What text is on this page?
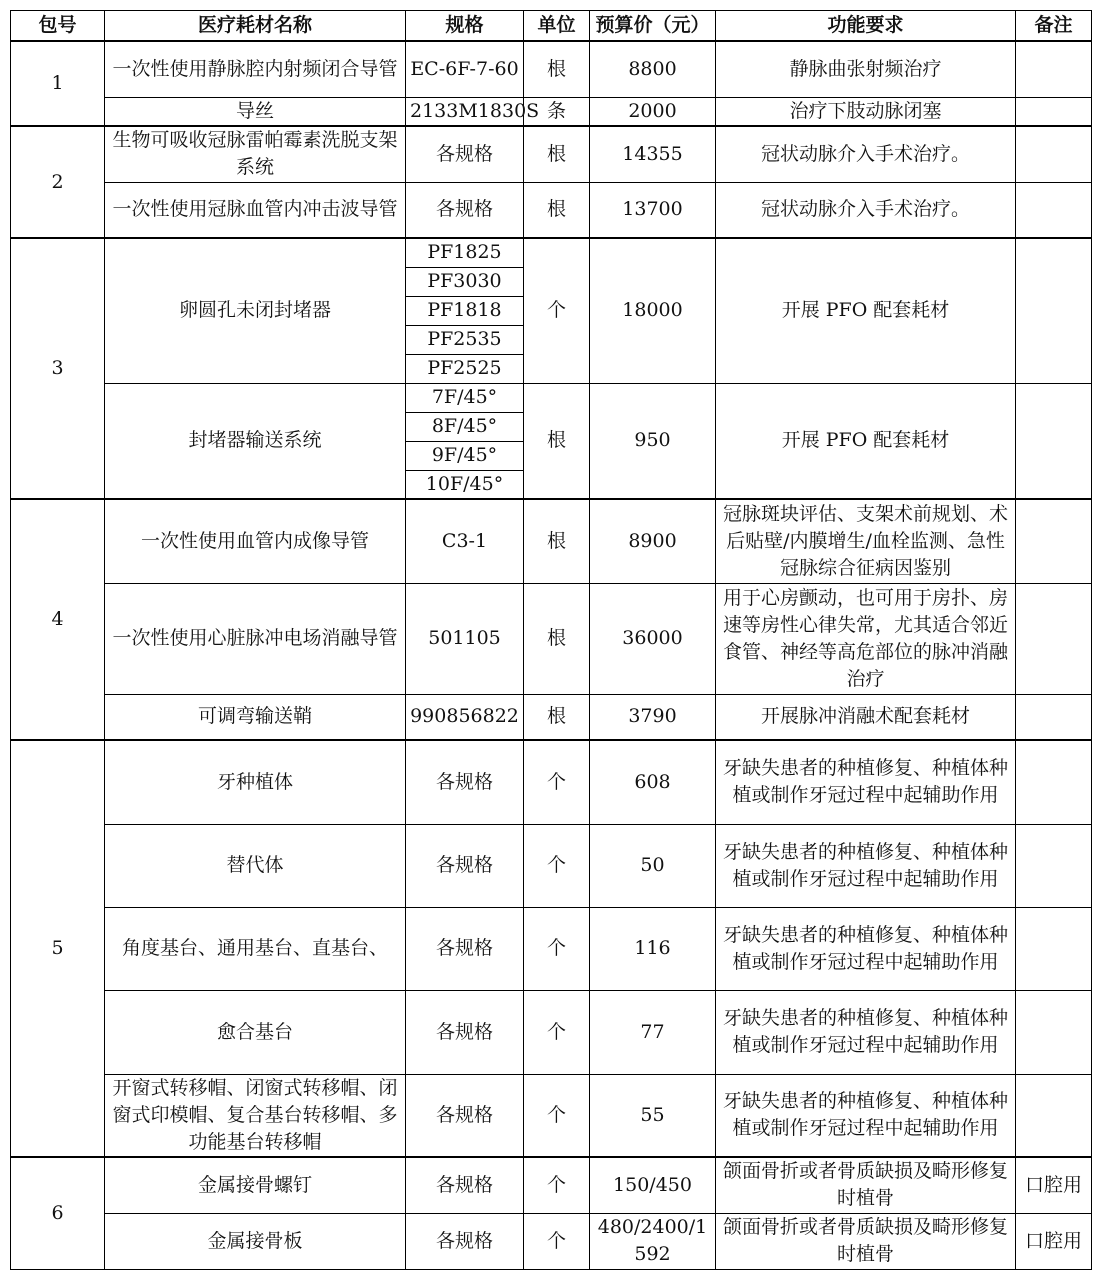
包号	医疗耗材名称	规格	单位	预算价（元）	功能要求	备注
1	一次性使用静脉腔内射频闭合导管	EC-6F-7-60	根	8800	静脉曲张射频治疗	
	导丝	2133M1830S	条	2000	治疗下肢动脉闭塞	
2	生物可吸收冠脉雷帕霉素洗脱支架系统	各规格	根	14355	冠状动脉介入手术治疗。	
	一次性使用冠脉血管内冲击波导管	各规格	根	13700	冠状动脉介入手术治疗。	
3	卵圆孔未闭封堵器	PF1825	个	18000	开展 PFO 配套耗材	
		PF3030				
		PF1818				
		PF2535				
		PF2525				
	封堵器输送系统	7F/45°	根	950	开展 PFO 配套耗材	
		8F/45°				
		9F/45°				
		10F/45°				
4	一次性使用血管内成像导管	C3-1	根	8900	冠脉斑块评估、支架术前规划、术后贴壁/内膜增生/血栓监测、急性冠脉综合征病因鉴别	
	一次性使用心脏脉冲电场消融导管	501105	根	36000	用于心房颤动，也可用于房扑、房速等房性心律失常，尤其适合邻近食管、神经等高危部位的脉冲消融治疗	
	可调弯输送鞘	990856822	根	3790	开展脉冲消融术配套耗材	
5	牙种植体	各规格	个	608	牙缺失患者的种植修复、种植体种植或制作牙冠过程中起辅助作用	
	替代体	各规格	个	50	牙缺失患者的种植修复、种植体种植或制作牙冠过程中起辅助作用	
	角度基台、通用基台、直基台、	各规格	个	116	牙缺失患者的种植修复、种植体种植或制作牙冠过程中起辅助作用	
	愈合基台	各规格	个	77	牙缺失患者的种植修复、种植体种植或制作牙冠过程中起辅助作用	
	开窗式转移帽、闭窗式转移帽、闭窗式印模帽、复合基台转移帽、多功能基台转移帽	各规格	个	55	牙缺失患者的种植修复、种植体种植或制作牙冠过程中起辅助作用	
6	金属接骨螺钉	各规格	个	150/450	颌面骨折或者骨质缺损及畸形修复时植骨	口腔用
	金属接骨板	各规格	个	480/2400/1592	颌面骨折或者骨质缺损及畸形修复时植骨	口腔用
